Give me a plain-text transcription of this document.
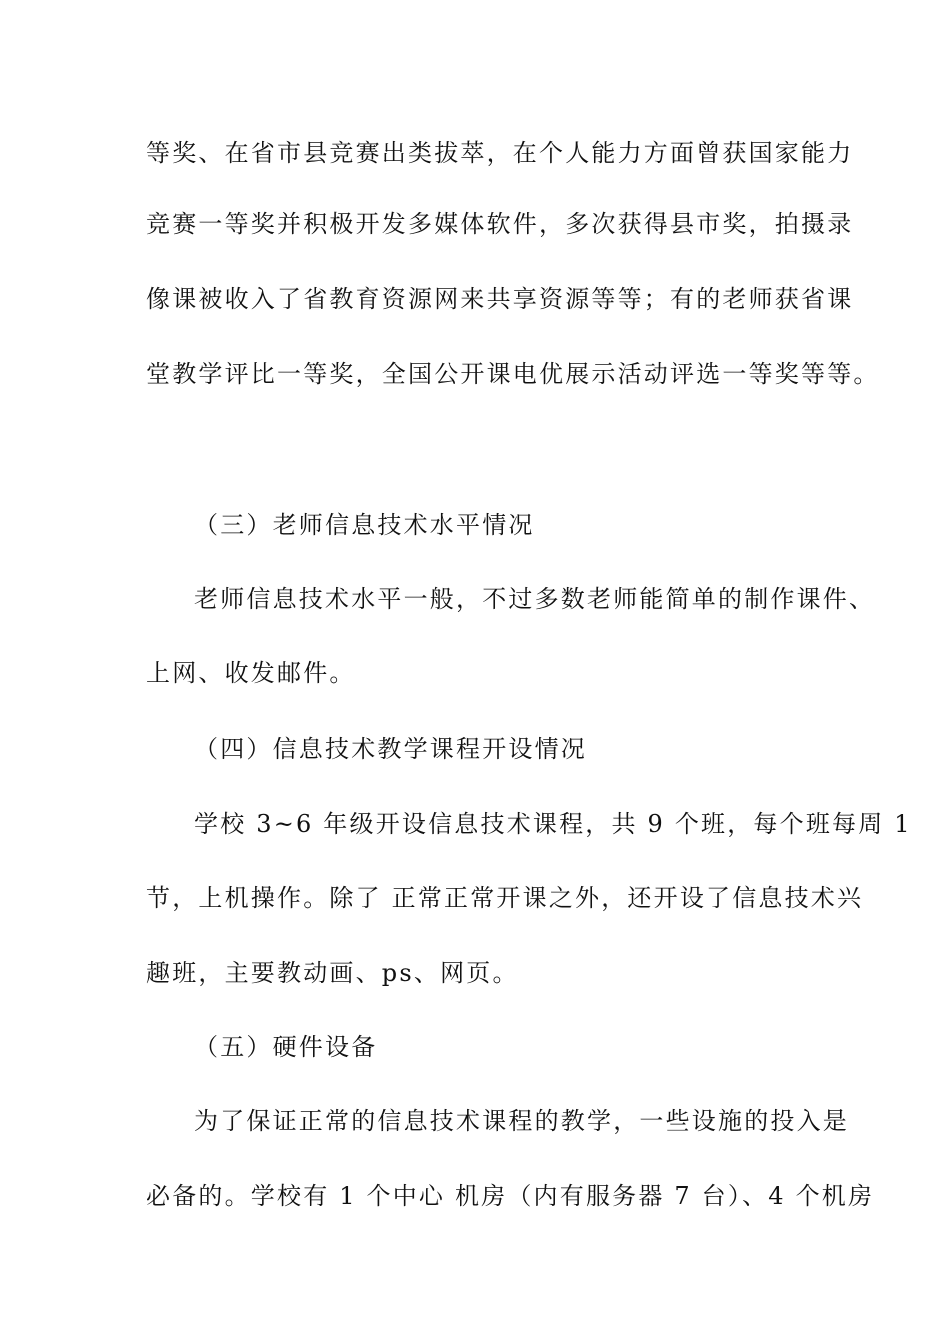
等奖、在省市县竞赛出类拔萃，在个人能力方面曾获国家能力
竞赛一等奖并积极开发多媒体软件，多次获得县市奖，拍摄录
像课被收入了省教育资源网来共享资源等等；有的老师获省课
堂教学评比一等奖，全国公开课电优展示活动评选一等奖等等。
（三）老师信息技术水平情况
老师信息技术水平一般，不过多数老师能简单的制作课件、
上网、收发邮件。
（四）信息技术教学课程开设情况
学校 3~6 年级开设信息技术课程，共 9 个班，每个班每周 1
节，上机操作。除了 正常正常开课之外，还开设了信息技术兴
趣班，主要教动画、ps、网页。
（五）硬件设备
为了保证正常的信息技术课程的教学，一些设施的投入是
必备的。学校有 1 个中心 机房（内有服务器 7 台）、4 个机房
